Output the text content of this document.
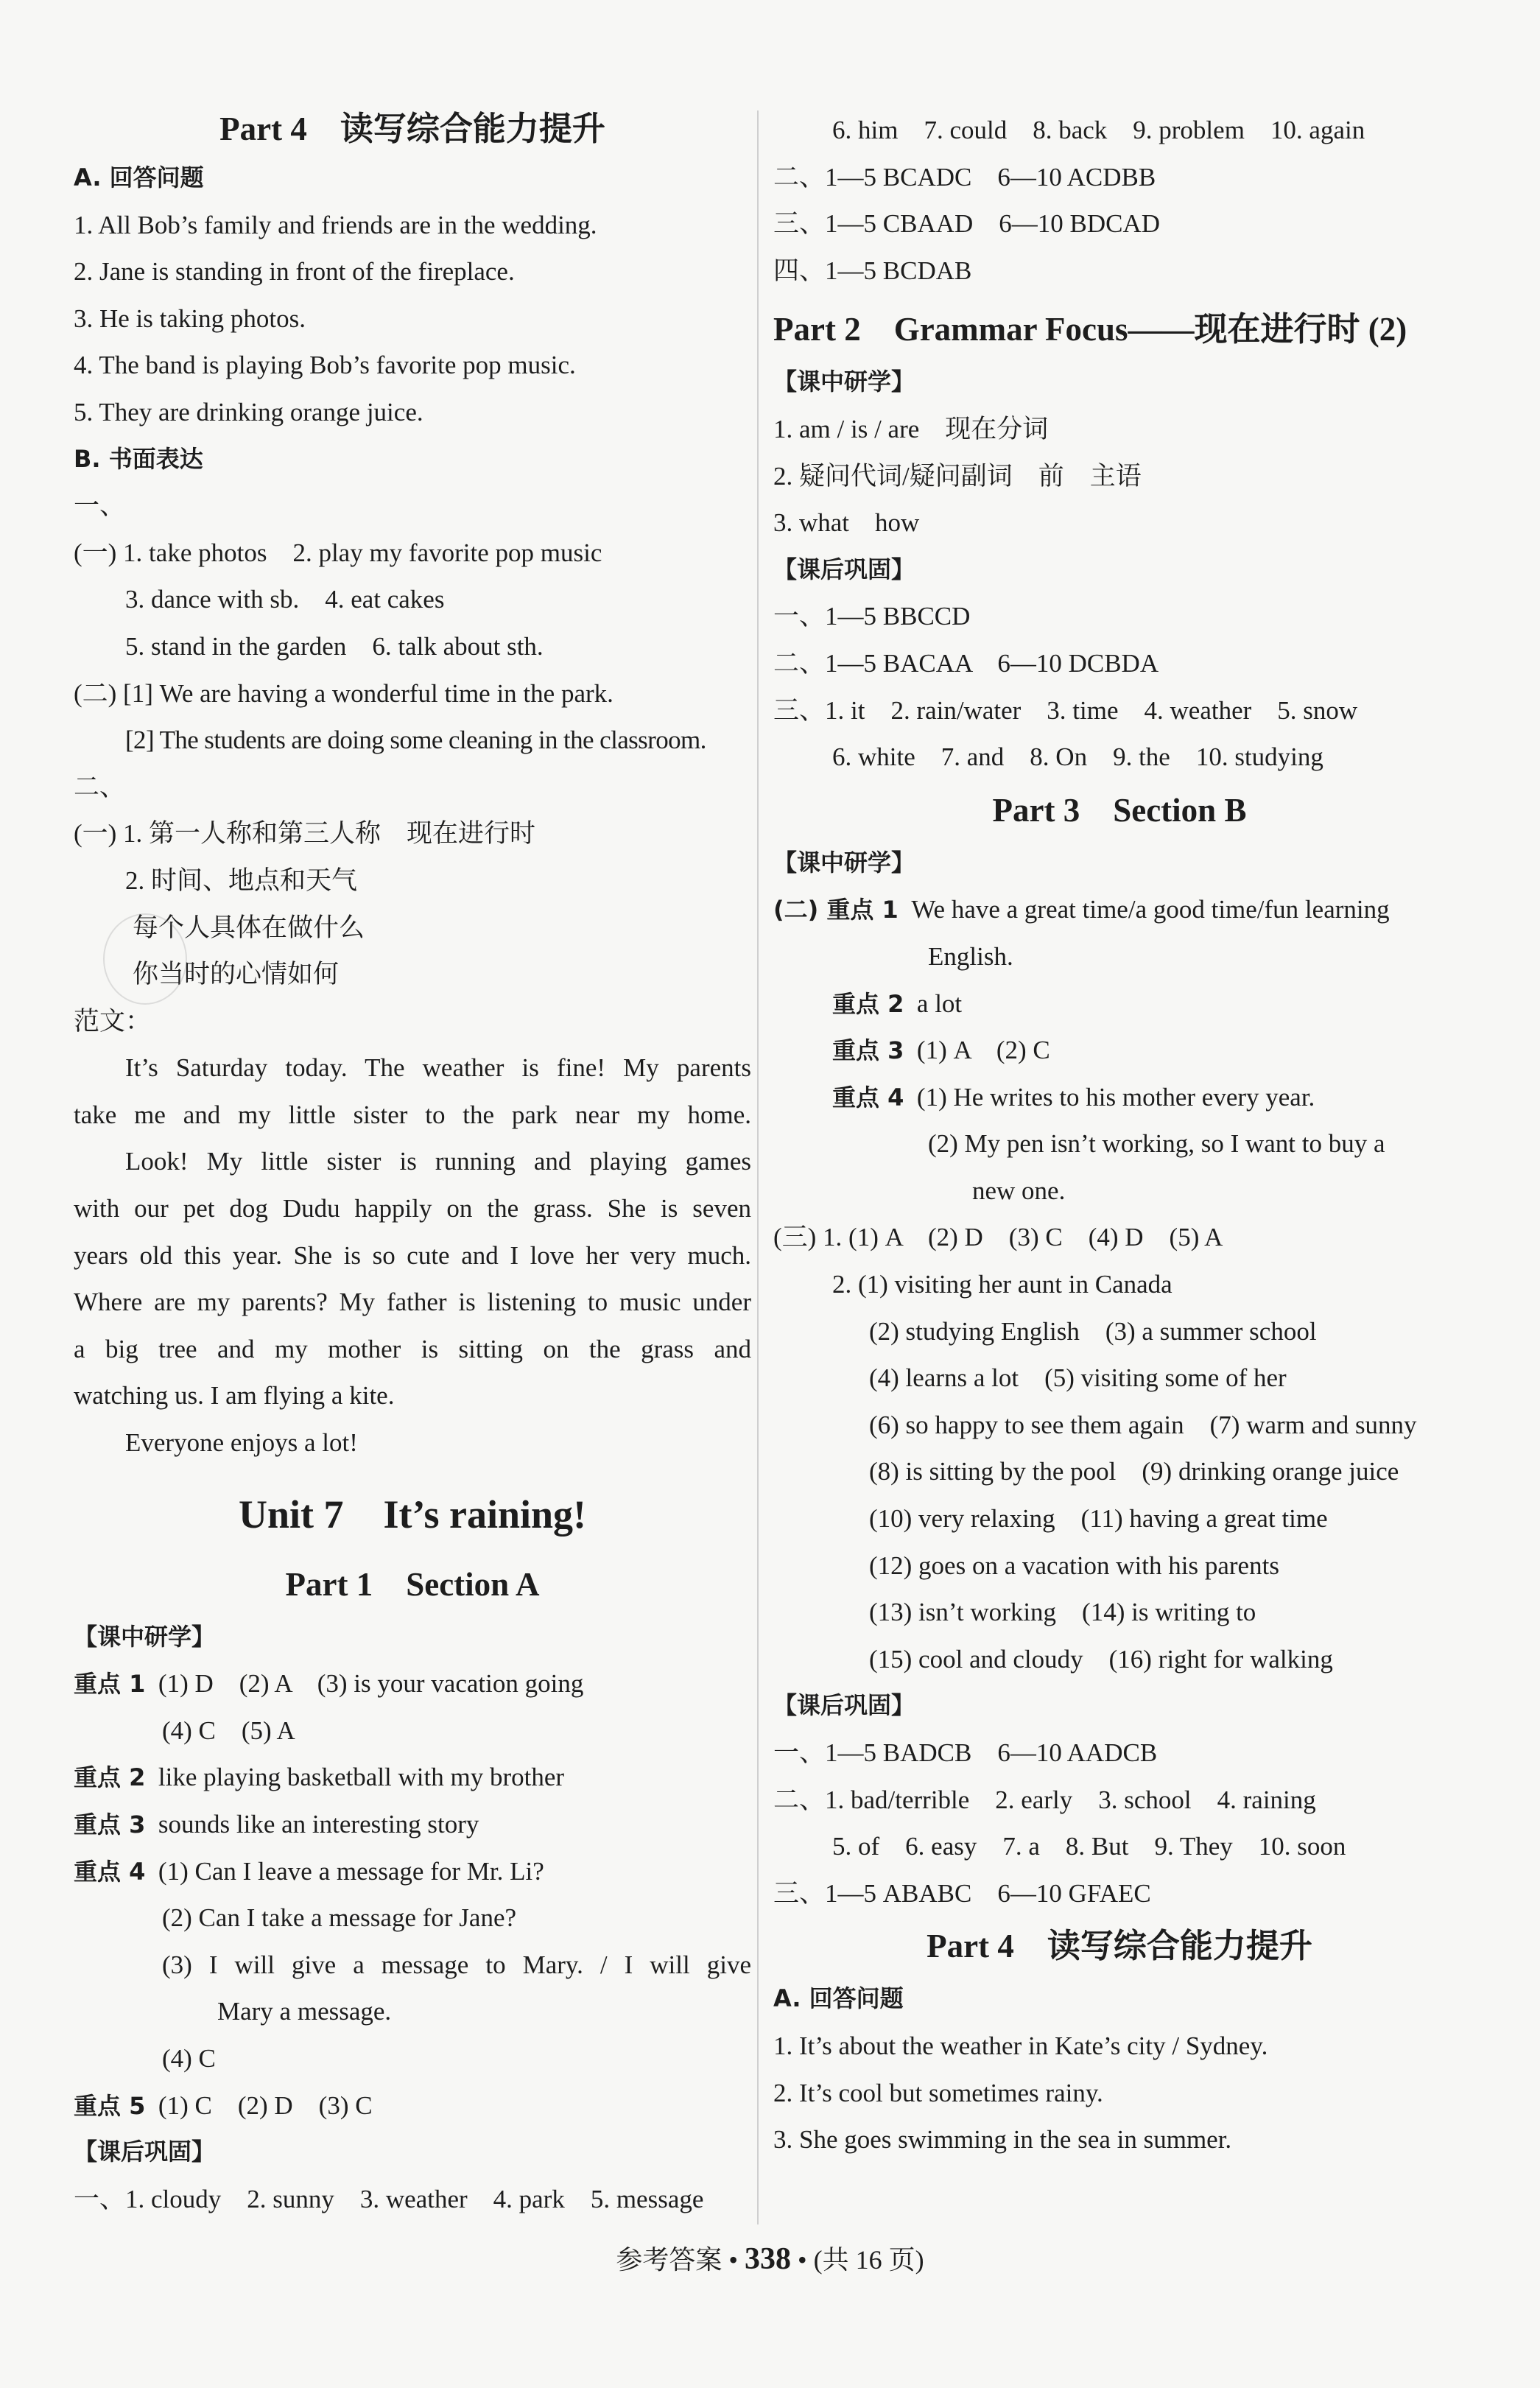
Part 4　读写综合能力提升
A. 回答问题
1. All Bob’s family and friends are in the wedding.
2. Jane is standing in front of the fireplace.
3. He is taking photos.
4. The band is playing Bob’s favorite pop music.
5. They are drinking orange juice.
B. 书面表达
一、
(一) 1. take photos　2. play my favorite pop music
3. dance with sb.　4. eat cakes
5. stand in the garden　6. talk about sth.
(二) [1] We are having a wonderful time in the park.
[2] The students are doing some cleaning in the classroom.
二、
(一) 1. 第一人称和第三人称　现在进行时
2. 时间、地点和天气
每个人具体在做什么
你当时的心情如何
范文：
It’s Saturday today. The weather is fine! My parents
take me and my little sister to the park near my home.
Look! My little sister is running and playing games
with our pet dog Dudu happily on the grass. She is seven
years old this year. She is so cute and I love her very much.
Where are my parents? My father is listening to music under
a big tree and my mother is sitting on the grass and
watching us. I am flying a kite.
Everyone enjoys a lot!
Unit 7　It’s raining!
Part 1　Section A
【课中研学】
重点 1 (1) D　(2) A　(3) is your vacation going
(4) C　(5) A
重点 2 like playing basketball with my brother
重点 3 sounds like an interesting story
重点 4 (1) Can I leave a message for Mr. Li?
(2) Can I take a message for Jane?
(3) I will give a message to Mary. / I will give
Mary a message.
(4) C
重点 5 (1) C　(2) D　(3) C
【课后巩固】
一、1. cloudy　2. sunny　3. weather　4. park　5. message
6. him　7. could　8. back　9. problem　10. again
二、1—5 BCADC　6—10 ACDBB
三、1—5 CBAAD　6—10 BDCAD
四、1—5 BCDAB
Part 2　Grammar Focus——现在进行时 (2)
【课中研学】
1. am / is / are　现在分词
2. 疑问代词/疑问副词　前　主语
3. what　how
【课后巩固】
一、1—5 BBCCD
二、1—5 BACAA　6—10 DCBDA
三、1. it　2. rain/water　3. time　4. weather　5. snow
6. white　7. and　8. On　9. the　10. studying
Part 3　Section B
【课中研学】
(二) 重点 1 We have a great time/a good time/fun learning
English.
重点 2 a lot
重点 3 (1) A　(2) C
重点 4 (1) He writes to his mother every year.
(2) My pen isn’t working, so I want to buy a
new one.
(三) 1. (1) A　(2) D　(3) C　(4) D　(5) A
2. (1) visiting her aunt in Canada
(2) studying English　(3) a summer school
(4) learns a lot　(5) visiting some of her
(6) so happy to see them again　(7) warm and sunny
(8) is sitting by the pool　(9) drinking orange juice
(10) very relaxing　(11) having a great time
(12) goes on a vacation with his parents
(13) isn’t working　(14) is writing to
(15) cool and cloudy　(16) right for walking
【课后巩固】
一、1—5 BADCB　6—10 AADCB
二、1. bad/terrible　2. early　3. school　4. raining
5. of　6. easy　7. a　8. But　9. They　10. soon
三、1—5 ABABC　6—10 GFAEC
Part 4　读写综合能力提升
A. 回答问题
1. It’s about the weather in Kate’s city / Sydney.
2. It’s cool but sometimes rainy.
3. She goes swimming in the sea in summer.
参考答案 • 338 • (共 16 页)
